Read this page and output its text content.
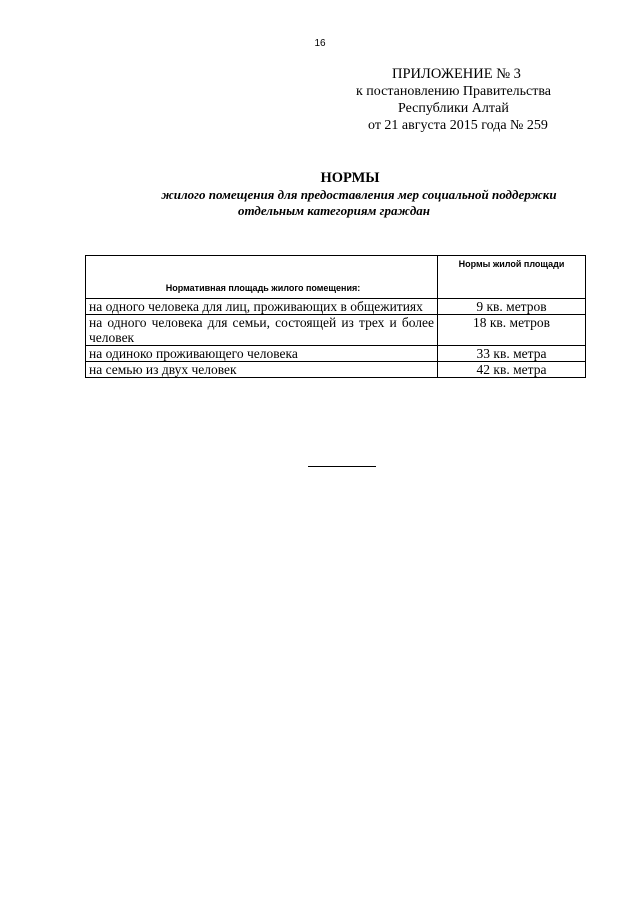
16
ПРИЛОЖЕНИЕ № 3
к постановлению Правительства
Республики Алтай
от 21 августа 2015 года № 259
НОРМЫ
жилого помещения для предоставления мер социальной поддержки
отдельным категориям граждан
Нормативная площадь жилого помещения:	Нормы жилой площади
на одного человека для лиц, проживающих в общежитиях	9 кв. метров
на одного человека для семьи, состоящей из трех и более человек	18 кв. метров
на одиноко проживающего человека	33 кв. метра
на семью из двух человек	42 кв. метра
